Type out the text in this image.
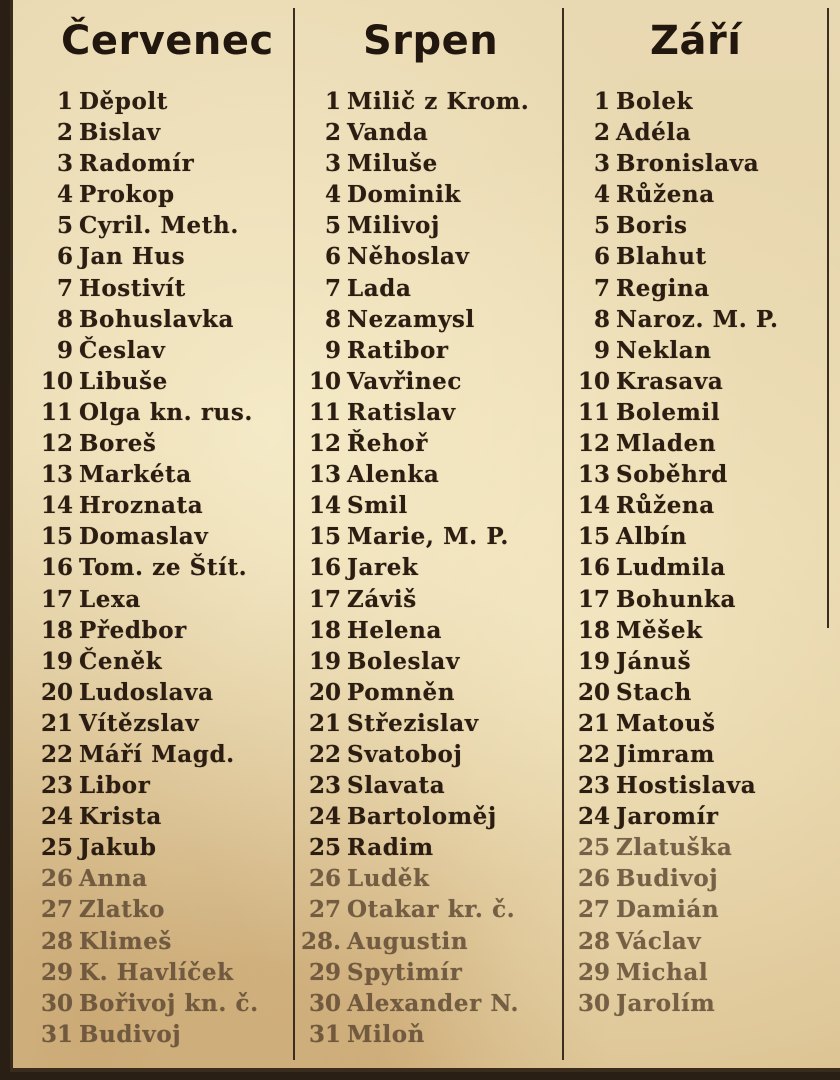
Červenec
1 Děpolt
2 Bislav
3 Radomír
4 Prokop
5 Cyril. Meth.
6 Jan Hus
7 Hostivít
8 Bohuslavka
9 Česlav
10 Libuše
11 Olga kn. rus.
12 Boreš
13 Markéta
14 Hroznata
15 Domaslav
16 Tom. ze Štít.
17 Lexa
18 Předbor
19 Čeněk
20 Ludoslava
21 Vítězslav
22 Máří Magd.
23 Libor
24 Krista
25 Jakub
26 Anna
27 Zlatko
28 Klimeš
29 K. Havlíček
30 Bořivoj kn. č.
31 Budivoj
Srpen
1 Milič z Krom.
2 Vanda
3 Miluše
4 Dominik
5 Milivoj
6 Něhoslav
7 Lada
8 Nezamysl
9 Ratibor
10 Vavřinec
11 Ratislav
12 Řehoř
13 Alenka
14 Smil
15 Marie, M. P.
16 Jarek
17 Záviš
18 Helena
19 Boleslav
20 Pomněn
21 Střezislav
22 Svatoboj
23 Slavata
24 Bartoloměj
25 Radim
26 Luděk
27 Otakar kr. č.
28. Augustin
29 Spytimír
30 Alexander N.
31 Miloň
Září
1 Bolek
2 Adéla
3 Bronislava
4 Růžena
5 Boris
6 Blahut
7 Regina
8 Naroz. M. P.
9 Neklan
10 Krasava
11 Bolemil
12 Mladen
13 Soběhrd
14 Růžena
15 Albín
16 Ludmila
17 Bohunka
18 Měšek
19 Jánuš
20 Stach
21 Matouš
22 Jimram
23 Hostislava
24 Jaromír
25 Zlatuška
26 Budivoj
27 Damián
28 Václav
29 Michal
30 Jarolím
